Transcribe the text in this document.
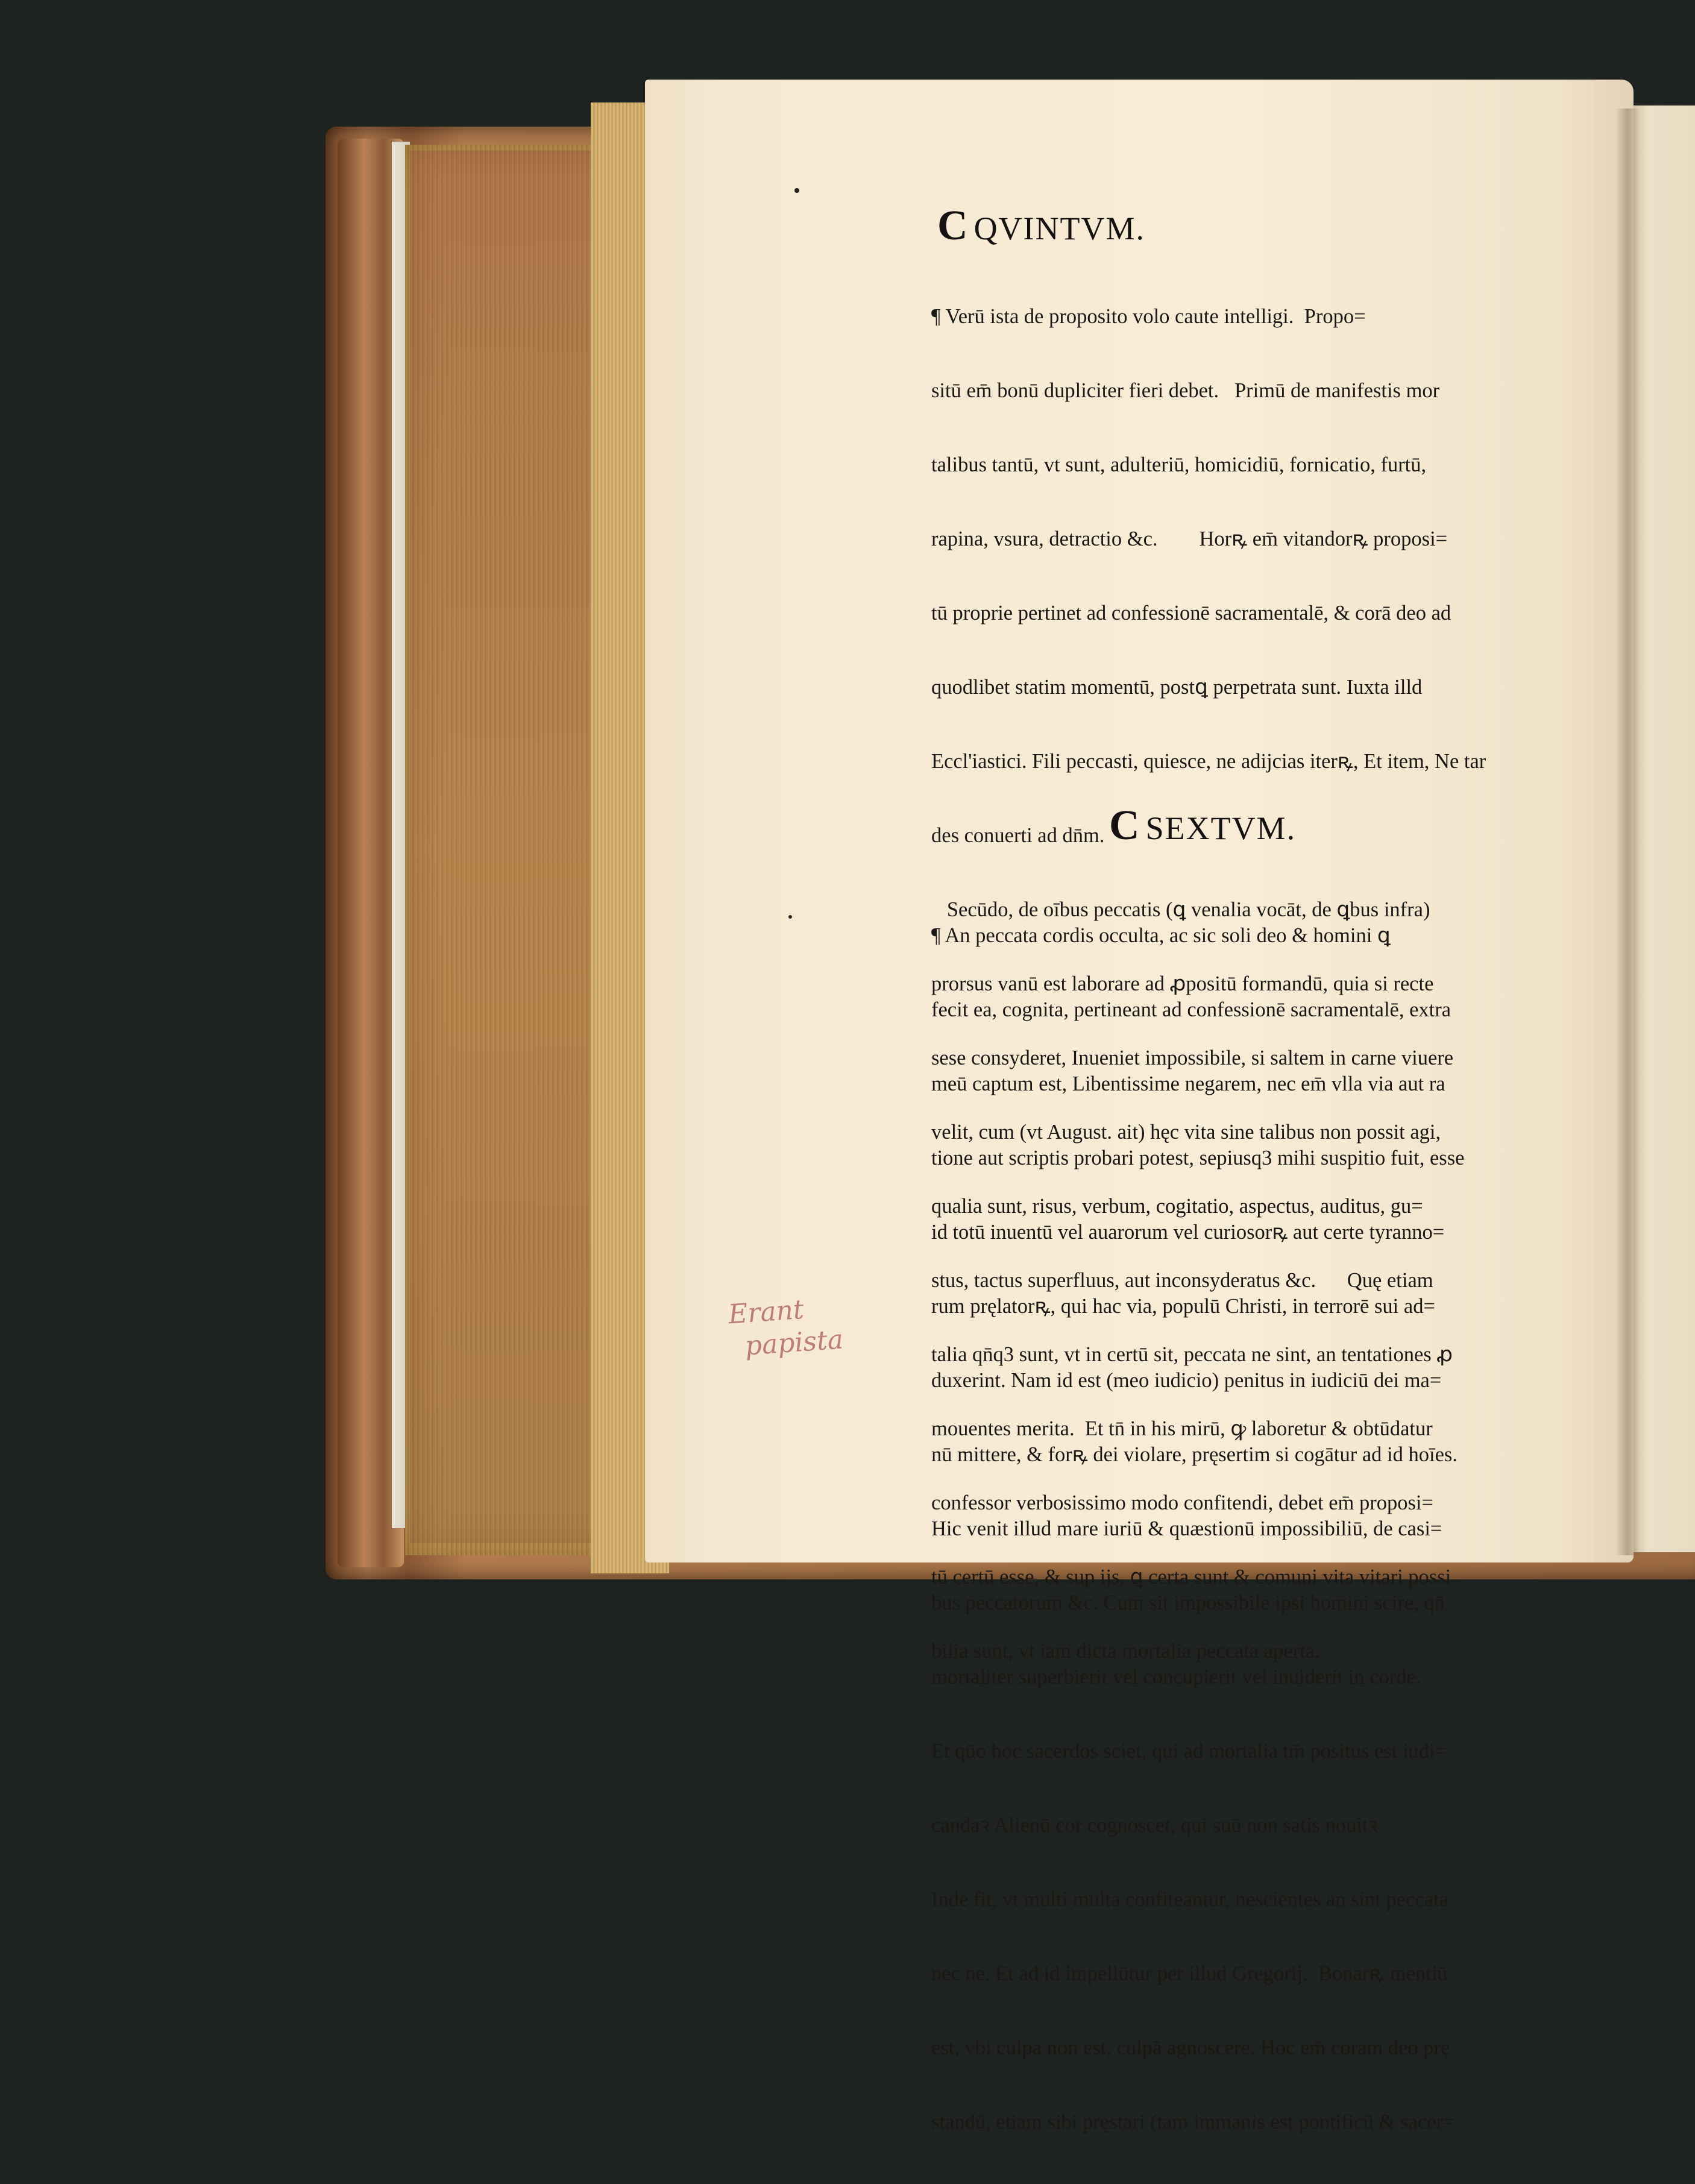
C QVINTVM.

¶ Verū ista de proposito volo caute intelligi.  Propo=

sitū em̄ bonū dupliciter fieri debet.   Primū de manifestis mor

talibus tantū, vt sunt, adulteriū, homicidiū, fornicatio, furtū,

rapina, vsura, detractio &c.        Horꝶ em̄ vitandorꝶ proposi=

tū proprie pertinet ad confessionē sacramentalē, & corā deo ad

quodlibet statim momentū, postꝗ perpetrata sunt. Iuxta illd

Eccl'iastici. Fili peccasti, quiesce, ne adijcias iterꝶ, Et item, Ne tar

des conuerti ad dn̄m.

Secūdo, de oībus peccatis (ꝗ venalia vocāt, de ꝗbus infra)

prorsus vanū est laborare ad ꝓpositū formandū, quia si recte

sese consyderet, Inueniet impossibile, si saltem in carne viuere

velit, cum (vt August. ait) hęc vita sine talibus non possit agi,

qualia sunt, risus, verbum, cogitatio, aspectus, auditus, gu=

stus, tactus superfluus, aut inconsyderatus &c.      Quę etiam

talia qn̄q3 sunt, vt in certū sit, peccata ne sint, an tentationes ꝓ

mouentes merita.  Et tn̄ in his mirū, ꝙ laboretur & obtūdatur

confessor verbosissimo modo confitendi, debet em̄ proposi=

tū certū esse, & sup ijs, ꝗ certa sunt & comuni vita vitari possi

bilia sunt, vt iam dicta mortalia peccata aperta.

C SEXTVM.

¶ An peccata cordis occulta, ac sic soli deo & homini ꝗ

fecit ea, cognita, pertineant ad confessionē sacramentalē, extra

meū captum est, Libentissime negarem, nec em̄ vlla via aut ra

tione aut scriptis probari potest, sepiusq3 mihi suspitio fuit, esse

id totū inuentū vel auarorum vel curiosorꝶ aut certe tyranno=

rum pręlatorꝶ, qui hac via, populū Christi, in terrorē sui ad=

duxerint. Nam id est (meo iudicio) penitus in iudiciū dei ma=

nū mittere, & forꝶ dei violare, pręsertim si cogātur ad id hoīes.

Hic venit illud mare iuriū & quæstionū impossibiliū, de casi=

bus peccatorum &c. Cum sit impossibile ipsi homini scire, qn̄

mortaliter superbierit vel concupierit vel inuiderit in corde.

Et qūo hoc sacerdos sciet, qui ad mortalia tm̄ positus est iudi=

candaꝛ Alienū cor cognoscet, qui suū non satis nouitꝛ

Inde fit, vt multi multa confiteantur, nescientes an sint peccata

nec ne. Et ad id impellūtur per illud Gregorij.  Bonarꝶ mentiū

est, vbi culpa non est, culpā agnoscere. Hoc em̄ coram deo prę

standū, etiam sibi pręstari (tam immanis est pontificū & sacer=

Erant
papista
